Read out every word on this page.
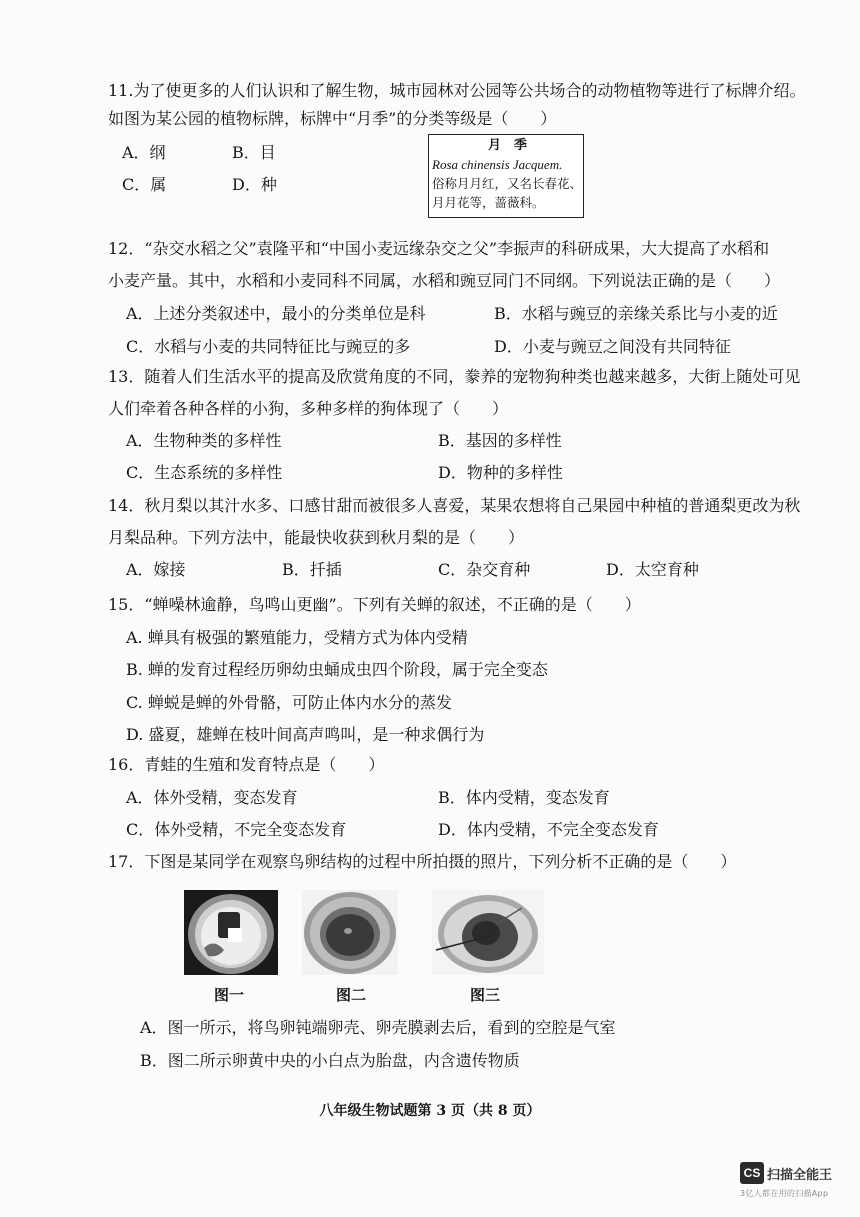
11.为了使更多的人们认识和了解生物，城市园林对公园等公共场合的动物植物等进行了标牌介绍。
如图为某公园的植物标牌，标牌中“月季”的分类等级是（　　）
A．纲	B．目
C．属	D．种
月　季
Rosa chinensis Jacquem.
俗称月月红，又名长春花、
月月花等，蔷薇科。
12．“杂交水稻之父”袁隆平和“中国小麦远缘杂交之父”李振声的科研成果，大大提高了水稻和
小麦产量。其中，水稻和小麦同科不同属，水稻和豌豆同门不同纲。下列说法正确的是（　　）
A．上述分类叙述中，最小的分类单位是科	B．水稻与豌豆的亲缘关系比与小麦的近
C．水稻与小麦的共同特征比与豌豆的多	D．小麦与豌豆之间没有共同特征
13．随着人们生活水平的提高及欣赏角度的不同，豢养的宠物狗种类也越来越多，大街上随处可见
人们牵着各种各样的小狗，多种多样的狗体现了（　　）
A．生物种类的多样性	B．基因的多样性
C．生态系统的多样性	D．物种的多样性
14．秋月梨以其汁水多、口感甘甜而被很多人喜爱，某果农想将自己果园中种植的普通梨更改为秋
月梨品种。下列方法中，能最快收获到秋月梨的是（　　）
A．嫁接	B．扦插	C．杂交育种	D．太空育种
15．“蝉噪林逾静，鸟鸣山更幽”。下列有关蝉的叙述，不正确的是（　　）
A. 蝉具有极强的繁殖能力，受精方式为体内受精
B. 蝉的发育过程经历卵幼虫蛹成虫四个阶段，属于完全变态
C. 蝉蜕是蝉的外骨骼，可防止体内水分的蒸发
D. 盛夏，雄蝉在枝叶间高声鸣叫，是一种求偶行为
16．青蛙的生殖和发育特点是（　　）
A．体外受精，变态发育	B．体内受精，变态发育
C．体外受精，不完全变态发育	D．体内受精，不完全变态发育
17．下图是某同学在观察鸟卵结构的过程中所拍摄的照片，下列分析不正确的是（　　）
图一	图二	图三
A．图一所示，将鸟卵钝端卵壳、卵壳膜剥去后，看到的空腔是气室
B．图二所示卵黄中央的小白点为胎盘，内含遗传物质
八年级生物试题第 3 页（共 8 页）
CS 扫描全能王
3亿人都在用的扫描App
